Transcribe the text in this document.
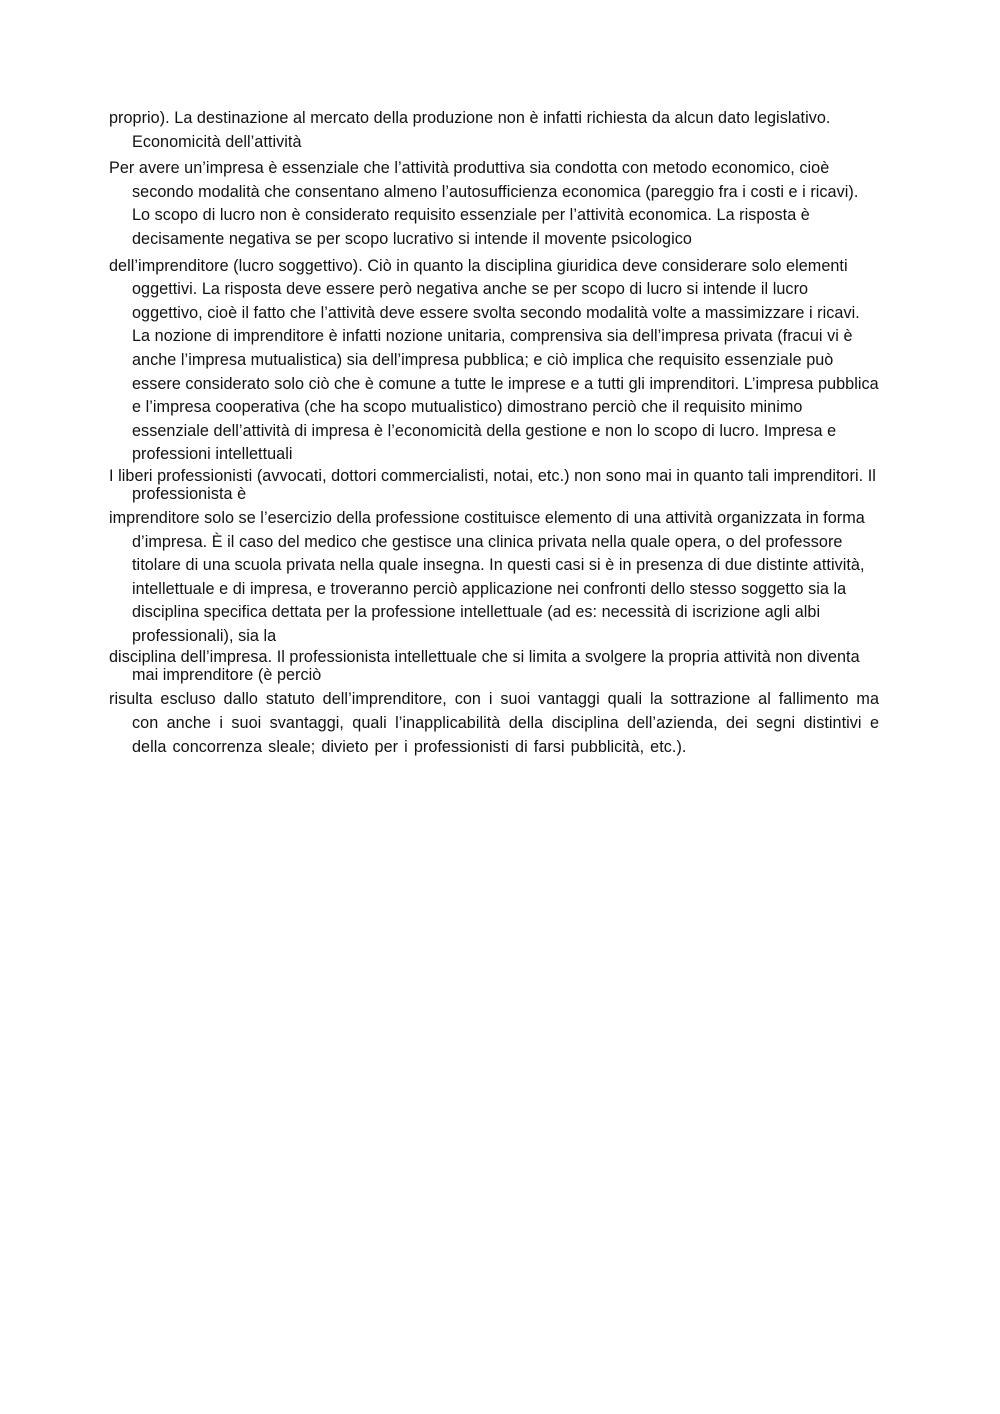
proprio). La destinazione al mercato della produzione non è infatti richiesta da alcun dato legislativo. Economicità dell’attività

Per avere un’impresa è essenziale che l’attività produttiva sia condotta con metodo economico, cioè secondo modalità che consentano almeno l’autosufficienza economica (pareggio fra i costi e i ricavi). Lo scopo di lucro non è considerato requisito essenziale per l’attività economica. La risposta è decisamente negativa se per scopo lucrativo si intende il movente psicologico

dell’imprenditore (lucro soggettivo). Ciò in quanto la disciplina giuridica deve considerare solo elementi oggettivi. La risposta deve essere però negativa anche se per scopo di lucro si intende il lucro oggettivo, cioè il fatto che l’attività deve essere svolta secondo modalità volte a massimizzare i ricavi. La nozione di imprenditore è infatti nozione unitaria, comprensiva sia dell’impresa privata (fracui vi è anche l’impresa mutualistica) sia dell’impresa pubblica; e ciò implica che requisito essenziale può essere considerato solo ciò che è comune a tutte le imprese e a tutti gli imprenditori. L’impresa pubblica e l’impresa cooperativa (che ha scopo mutualistico) dimostrano perciò che il requisito minimo essenziale dell’attività di impresa è l’economicità della gestione e non lo scopo di lucro. Impresa e professioni intellettuali

I liberi professionisti (avvocati, dottori commercialisti, notai, etc.) non sono mai in quanto tali imprenditori. Il professionista è

imprenditore solo se l’esercizio della professione costituisce elemento di una attività organizzata in forma d’impresa. È il caso del medico che gestisce una clinica privata nella quale opera, o del professore titolare di una scuola privata nella quale insegna. In questi casi si è in presenza di due distinte attività, intellettuale e di impresa, e troveranno perciò applicazione nei confronti dello stesso soggetto sia la disciplina specifica dettata per la professione intellettuale (ad es: necessità di iscrizione agli albi professionali), sia la

disciplina dell’impresa. Il professionista intellettuale che si limita a svolgere la propria attività non diventa mai imprenditore (è perciò

risulta escluso dallo statuto dell’imprenditore, con i suoi vantaggi quali la sottrazione al fallimento ma con anche i suoi svantaggi, quali l’inapplicabilità della disciplina dell’azienda, dei segni distintivi e della concorrenza sleale; divieto per i professionisti di farsi pubblicità, etc.).
